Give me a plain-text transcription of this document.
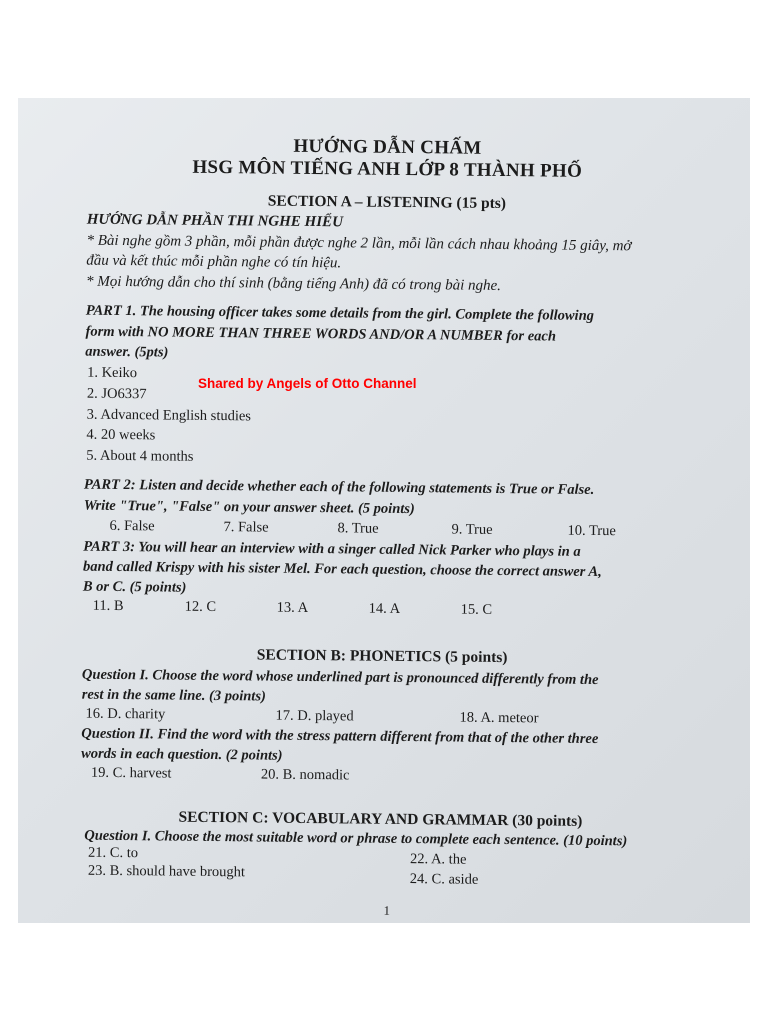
HƯỚNG DẪN CHẤM
HSG MÔN TIẾNG ANH LỚP 8 THÀNH PHỐ
SECTION A – LISTENING (15 pts)
HƯỚNG DẪN PHẦN THI NGHE HIỂU
* Bài nghe gồm 3 phần, mỗi phần được nghe 2 lần, mỗi lần cách nhau khoảng 15 giây, mở
đầu và kết thúc mỗi phần nghe có tín hiệu.
* Mọi hướng dẫn cho thí sinh (bằng tiếng Anh) đã có trong bài nghe.
PART 1. The housing officer takes some details from the girl. Complete the following
form with NO MORE THAN THREE WORDS AND/OR A NUMBER for each
answer. (5pts)
1. Keiko
2. JO6337
3. Advanced English studies
4. 20 weeks
5. About 4 months
PART 2: Listen and decide whether each of the following statements is True or False.
Write "True", "False" on your answer sheet. (5 points)
6. False	7. False	8. True	9. True	10. True
PART 3: You will hear an interview with a singer called Nick Parker who plays in a
band called Krispy with his sister Mel. For each question, choose the correct answer A,
B or C. (5 points)
11. B	12. C	13. A	14. A	15. C
SECTION B: PHONETICS (5 points)
Question I. Choose the word whose underlined part is pronounced differently from the
rest in the same line. (3 points)
16. D. charity	17. D. played	18. A. meteor
Question II. Find the word with the stress pattern different from that of the other three
words in each question. (2 points)
19. C. harvest	20. B. nomadic
SECTION C: VOCABULARY AND GRAMMAR (30 points)
Question I. Choose the most suitable word or phrase to complete each sentence. (10 points)
21. C. to	22. A. the
23. B. should have brought	24. C. aside
1
Shared by Angels of Otto Channel
